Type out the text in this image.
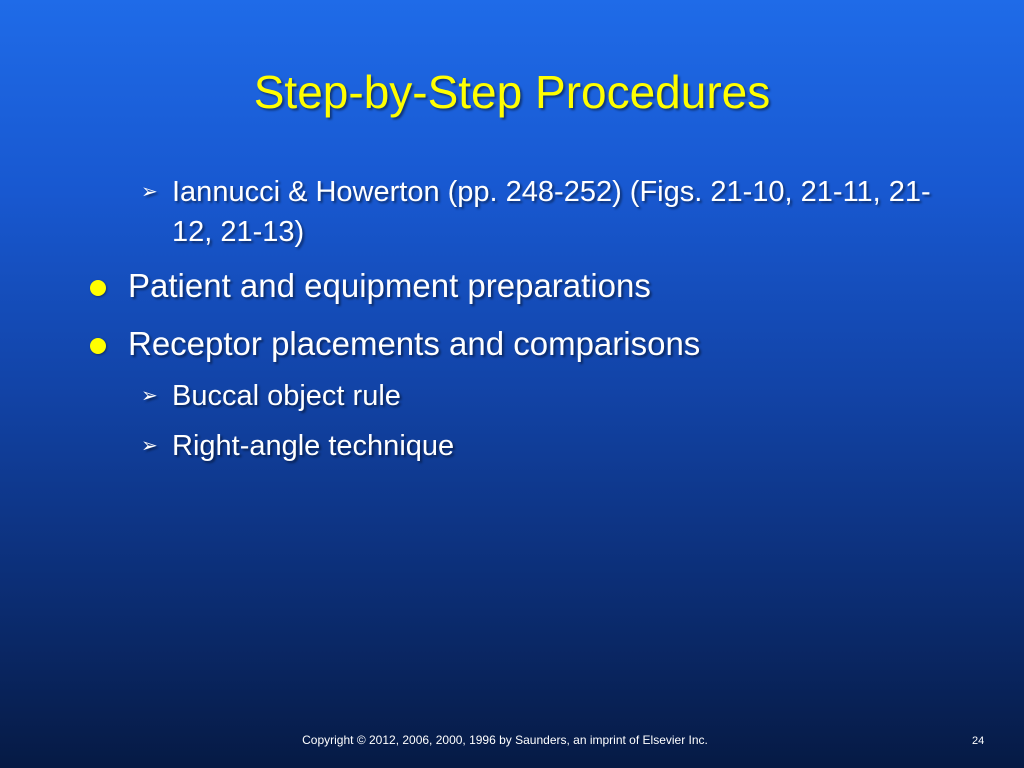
Step-by-Step Procedures
➢ Iannucci & Howerton (pp. 248-252) (Figs. 21-10, 21-11, 21-12, 21-13)
Patient and equipment preparations
Receptor placements and comparisons
➢ Buccal object rule
➢ Right-angle technique
Copyright © 2012, 2006, 2000, 1996 by Saunders, an imprint of Elsevier Inc.	24
